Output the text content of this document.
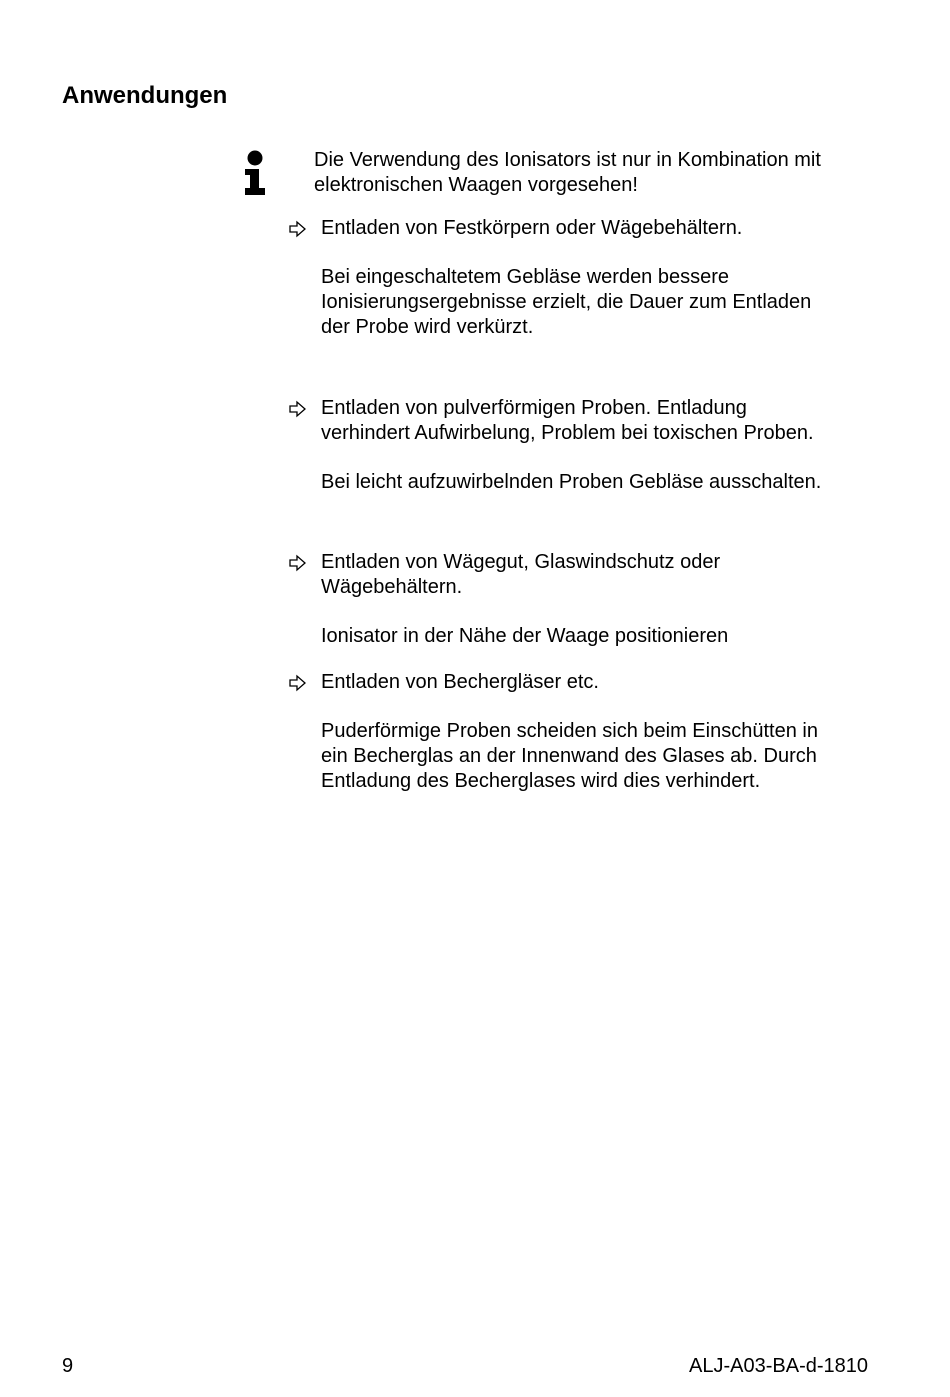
Anwendungen

Die Verwendung des Ionisators ist nur in Kombination mit elektronischen Waagen vorgesehen!

Entladen von Festkörpern oder Wägebehältern.

Bei eingeschaltetem Gebläse werden bessere
Ionisierungsergebnisse erzielt, die Dauer zum Entladen
der Probe wird verkürzt.

Entladen von pulverförmigen Proben. Entladung
verhindert Aufwirbelung, Problem bei toxischen Proben.

Bei leicht aufzuwirbelnden Proben Gebläse ausschalten.

Entladen von Wägegut, Glaswindschutz oder
Wägebehältern.

Ionisator in der Nähe der Waage positionieren

Entladen von Bechergläser etc.

Puderförmige Proben scheiden sich beim Einschütten in
ein Becherglas an der Innenwand des Glases ab. Durch
Entladung des Becherglases wird dies verhindert.

9	ALJ-A03-BA-d-1810
